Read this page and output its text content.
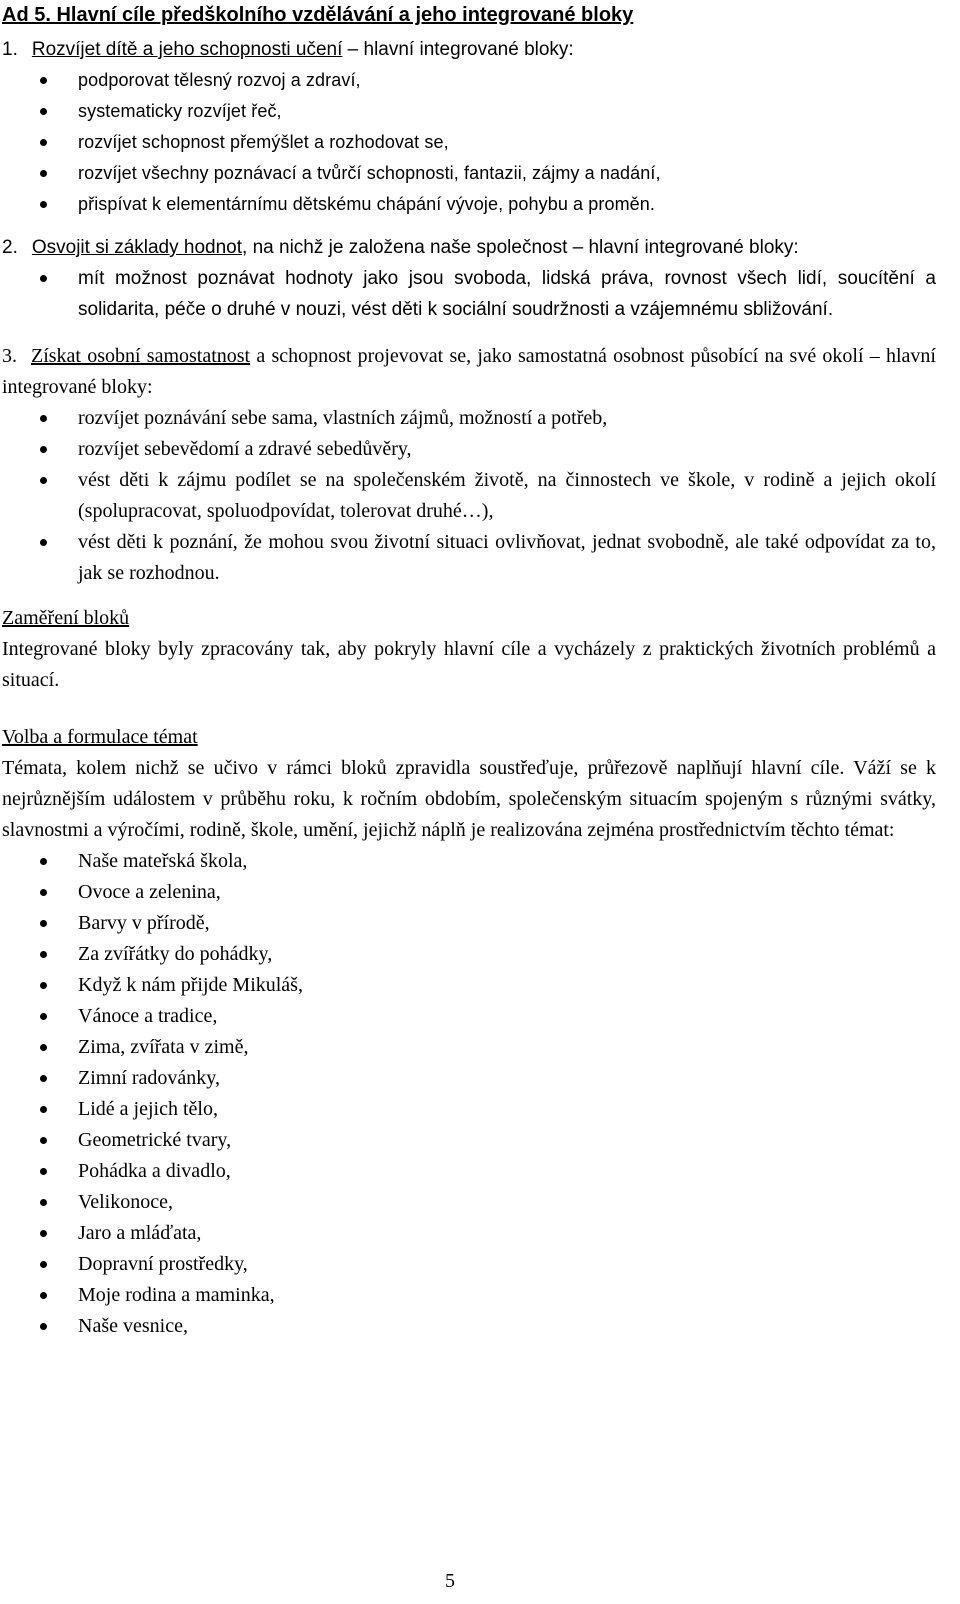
Ad 5. Hlavní cíle předškolního vzdělávání a jeho integrované bloky
1. Rozvíjet dítě a jeho schopnosti učení – hlavní integrované bloky:
podporovat tělesný rozvoj a zdraví,
systematicky rozvíjet řeč,
rozvíjet schopnost přemýšlet a rozhodovat se,
rozvíjet všechny poznávací a tvůrčí schopnosti, fantazii, zájmy a nadání,
přispívat k elementárnímu dětskému chápání vývoje, pohybu a proměn.
2. Osvojit si základy hodnot, na nichž je založena naše společnost – hlavní integrované bloky:
mít možnost poznávat hodnoty jako jsou svoboda, lidská práva, rovnost všech lidí, soucítění a solidarita, péče o druhé v nouzi, vést děti k sociální soudržnosti a vzájemnému sbližování.
3. Získat osobní samostatnost a schopnost projevovat se, jako samostatná osobnost působící na své okolí – hlavní integrované bloky:
rozvíjet poznávání sebe sama, vlastních zájmů, možností a potřeb,
rozvíjet sebevědomí a zdravé sebedůvěry,
vést děti k zájmu podílet se na společenském životě, na činnostech ve škole, v rodině a jejich okolí (spolupracovat, spoluodpovídat, tolerovat druhé…),
vést děti k poznání, že mohou svou životní situaci ovlivňovat, jednat svobodně, ale také odpovídat za to, jak se rozhodnou.
Zaměření bloků
Integrované bloky byly zpracovány tak, aby pokryly hlavní cíle a vycházely z praktických životních problémů a situací.
Volba a formulace témat
Témata, kolem nichž se učivo v rámci bloků zpravidla soustřeďuje, průřezově naplňují hlavní cíle. Váží se k nejrůznějším událostem v průběhu roku, k ročním obdobím, společenským situacím spojeným s různými svátky, slavnostmi a výročími, rodině, škole, umění, jejichž náplň je realizována zejména prostřednictvím těchto témat:
Naše mateřská škola,
Ovoce a zelenina,
Barvy v přírodě,
Za zvířátky do pohádky,
Když k nám přijde Mikuláš,
Vánoce a tradice,
Zima, zvířata v zimě,
Zimní radovánky,
Lidé a jejich tělo,
Geometrické tvary,
Pohádka a divadlo,
Velikonoce,
Jaro a mláďata,
Dopravní prostředky,
Moje rodina a maminka,
Naše vesnice,
5
